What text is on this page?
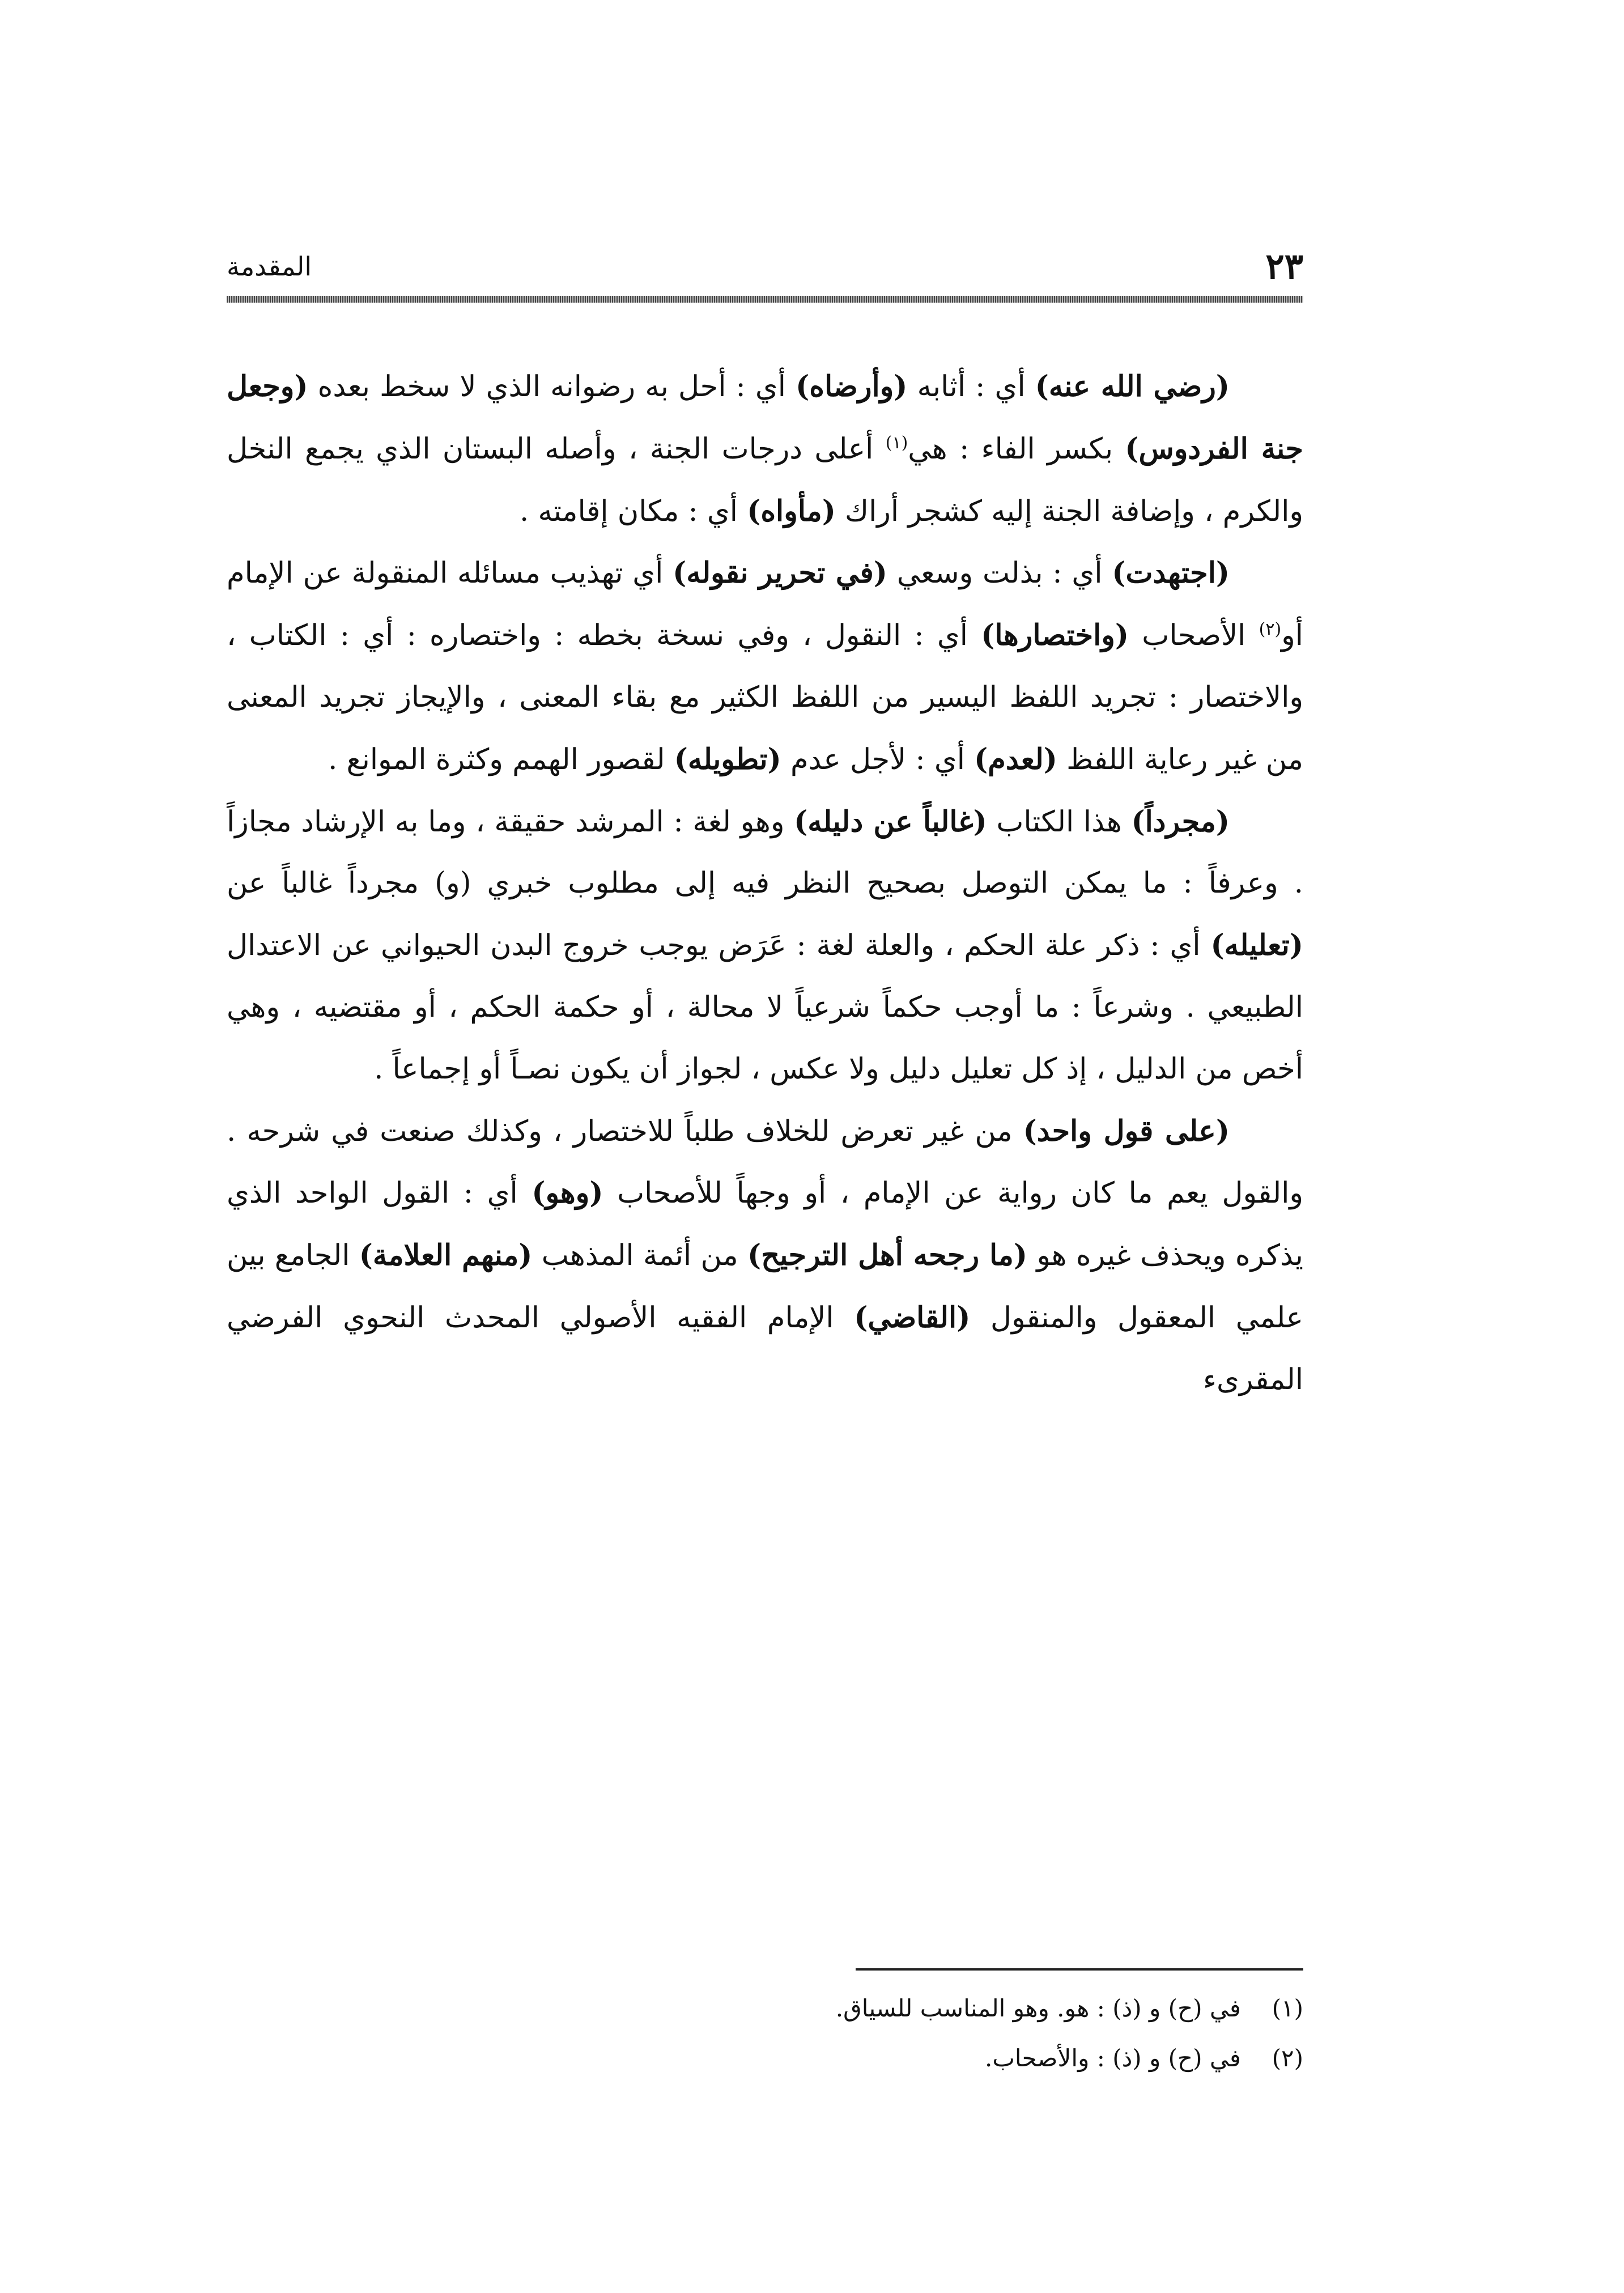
٢٣
المقدمة

(رضي الله عنه) أي : أثابه (وأرضاه) أي : أحل به رضوانه الذي لا سخط بعده (وجعل جنة الفردوس) بكسر الفاء : هي$^{(١)}$ أعلى درجات الجنة ، وأصله البستان الذي يجمع النخل والكرم ، وإضافة الجنة إليه كشجر أراك (مأواه) أي : مكان إقامته .

(اجتهدت) أي : بذلت وسعي (في تحرير نقوله) أي تهذيب مسائله المنقولة عن الإمام أو$^{(٢)}$ الأصحاب (واختصارها) أي : النقول ، وفي نسخة بخطه : واختصاره : أي : الكتاب ، والاختصار : تجريد اللفظ اليسير من اللفظ الكثير مع بقاء المعنى ، والإيجاز تجريد المعنى من غير رعاية اللفظ (لعدم) أي : لأجل عدم (تطويله) لقصور الهمم وكثرة الموانع .

(مجرداً) هذا الكتاب (غالباً عن دليله) وهو لغة : المرشد حقيقة ، وما به الإرشاد مجازاً . وعرفاً : ما يمكن التوصل بصحيح النظر فيه إلى مطلوب خبري (و) مجرداً غالباً عن (تعليله) أي : ذكر علة الحكم ، والعلة لغة : عَرَض يوجب خروج البدن الحيواني عن الاعتدال الطبيعي . وشرعاً : ما أوجب حكماً شرعياً لا محالة ، أو حكمة الحكم ، أو مقتضيه ، وهي أخص من الدليل ، إذ كل تعليل دليل ولا عكس ، لجواز أن يكون نصـاً أو إجماعاً .

(على قول واحد) من غير تعرض للخلاف طلباً للاختصار ، وكذلك صنعت في شرحه . والقول يعم ما كان رواية عن الإمام ، أو وجهاً للأصحاب (وهو) أي : القول الواحد الذي يذكره ويحذف غيره هو (ما رجحه أهل الترجيح) من أئمة المذهب (منهم العلامة) الجامع بين علمي المعقول والمنقول (القاضي) الإمام الفقيه الأصولي المحدث النحوي الفرضي المقرىء

(١)
في (ح) و (ذ) : هو. وهو المناسب للسياق.
(٢)
في (ح) و (ذ) : والأصحاب.
